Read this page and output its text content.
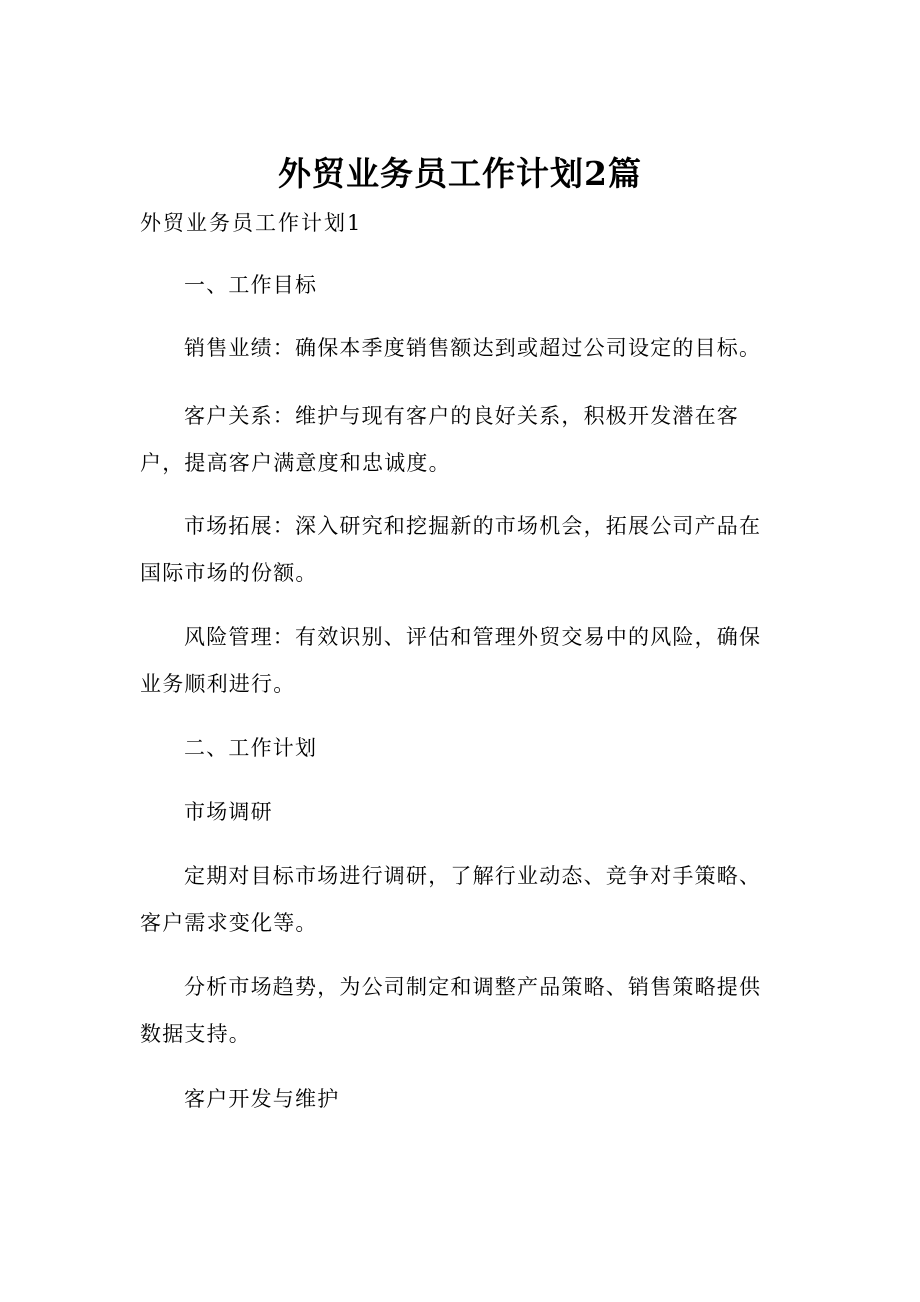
外贸业务员工作计划2篇
外贸业务员工作计划1

一、工作目标

销售业绩：确保本季度销售额达到或超过公司设定的目标。

客户关系：维护与现有客户的良好关系，积极开发潜在客户，提高客户满意度和忠诚度。

市场拓展：深入研究和挖掘新的市场机会，拓展公司产品在国际市场的份额。

风险管理：有效识别、评估和管理外贸交易中的风险，确保业务顺利进行。

二、工作计划

市场调研

定期对目标市场进行调研，了解行业动态、竞争对手策略、客户需求变化等。

分析市场趋势，为公司制定和调整产品策略、销售策略提供数据支持。

客户开发与维护
